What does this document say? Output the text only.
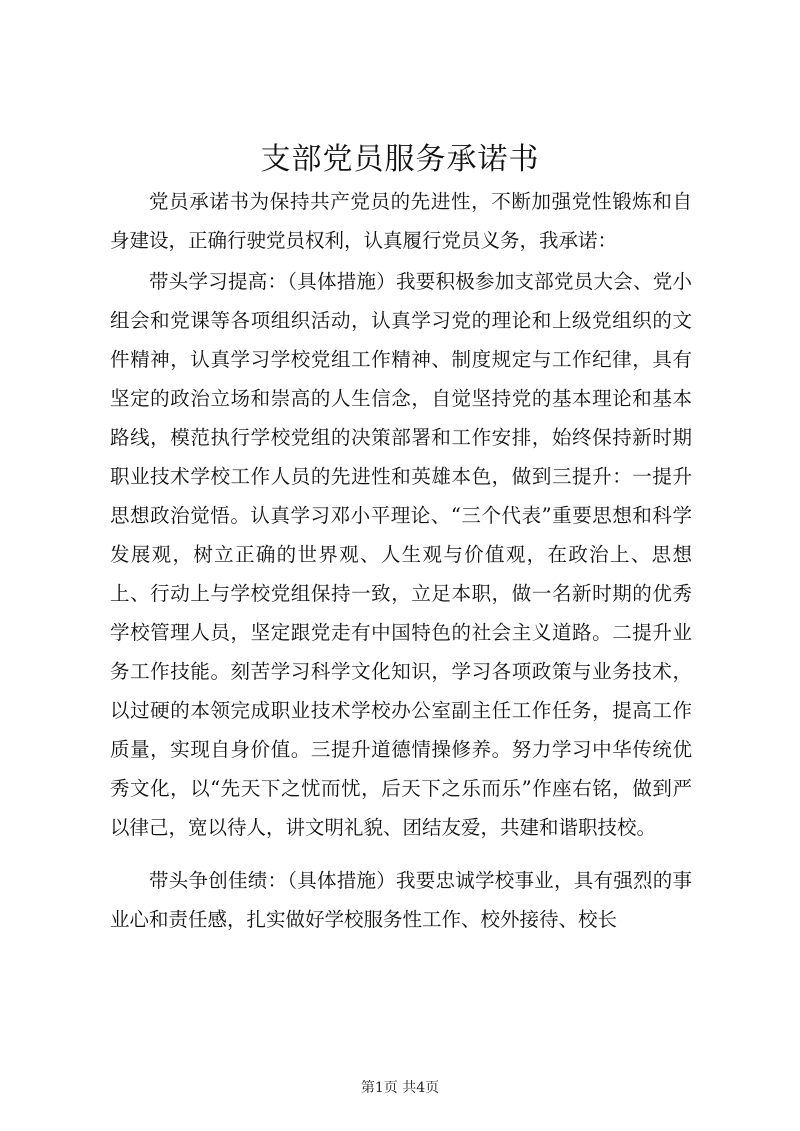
支部党员服务承诺书

党员承诺书为保持共产党员的先进性，不断加强党性锻炼和自身建设，正确行驶党员权利，认真履行党员义务，我承诺：

带头学习提高：（具体措施）我要积极参加支部党员大会、党小组会和党课等各项组织活动，认真学习党的理论和上级党组织的文件精神，认真学习学校党组工作精神、制度规定与工作纪律，具有坚定的政治立场和崇高的人生信念，自觉坚持党的基本理论和基本路线，模范执行学校党组的决策部署和工作安排，始终保持新时期职业技术学校工作人员的先进性和英雄本色，做到三提升：一提升思想政治觉悟。认真学习邓小平理论、“三个代表”重要思想和科学发展观，树立正确的世界观、人生观与价值观，在政治上、思想上、行动上与学校党组保持一致，立足本职，做一名新时期的优秀学校管理人员，坚定跟党走有中国特色的社会主义道路。二提升业务工作技能。刻苦学习科学文化知识，学习各项政策与业务技术，以过硬的本领完成职业技术学校办公室副主任工作任务，提高工作质量，实现自身价值。三提升道德情操修养。努力学习中华传统优秀文化，以“先天下之忧而忧，后天下之乐而乐”作座右铭，做到严以律己，宽以待人，讲文明礼貌、团结友爱，共建和谐职技校。

带头争创佳绩：（具体措施）我要忠诚学校事业，具有强烈的事业心和责任感，扎实做好学校服务性工作、校外接待、校长

第1页 共4页
